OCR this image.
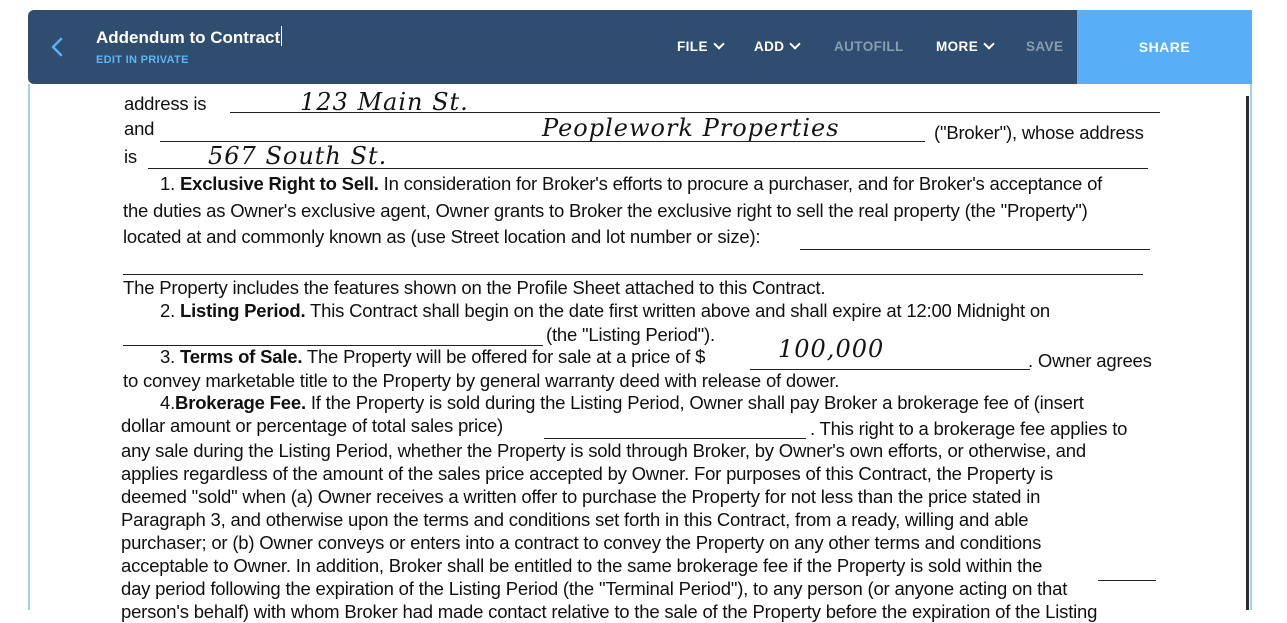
address is	123 Main St.
and	Peoplework Properties	("Broker"), whose address
is	567 South St.
1. Exclusive Right to Sell. In consideration for Broker's efforts to procure a purchaser, and for Broker's acceptance of
the duties as Owner's exclusive agent, Owner grants to Broker the exclusive right to sell the real property (the "Property")
located at and commonly known as (use Street location and lot number or size):
The Property includes the features shown on the Profile Sheet attached to this Contract.
2. Listing Period. This Contract shall begin on the date first written above and shall expire at 12:00 Midnight on
(the "Listing Period").
3. Terms of Sale. The Property will be offered for sale at a price of $	100,000	. Owner agrees
to convey marketable title to the Property by general warranty deed with release of dower.
4.Brokerage Fee. If the Property is sold during the Listing Period, Owner shall pay Broker a brokerage fee of (insert
dollar amount or percentage of total sales price)	. This right to a brokerage fee applies to
any sale during the Listing Period, whether the Property is sold through Broker, by Owner's own efforts, or otherwise, and
applies regardless of the amount of the sales price accepted by Owner. For purposes of this Contract, the Property is
deemed "sold" when (a) Owner receives a written offer to purchase the Property for not less than the price stated in
Paragraph 3, and otherwise upon the terms and conditions set forth in this Contract, from a ready, willing and able
purchaser; or (b) Owner conveys or enters into a contract to convey the Property on any other terms and conditions
acceptable to Owner. In addition, Broker shall be entitled to the same brokerage fee if the Property is sold within the
day period following the expiration of the Listing Period (the "Terminal Period"), to any person (or anyone acting on that
person's behalf) with whom Broker had made contact relative to the sale of the Property before the expiration of the Listing
Addendum to Contract
EDIT IN PRIVATE
FILE	ADD	AUTOFILL MORE	SAVE	SHARE
